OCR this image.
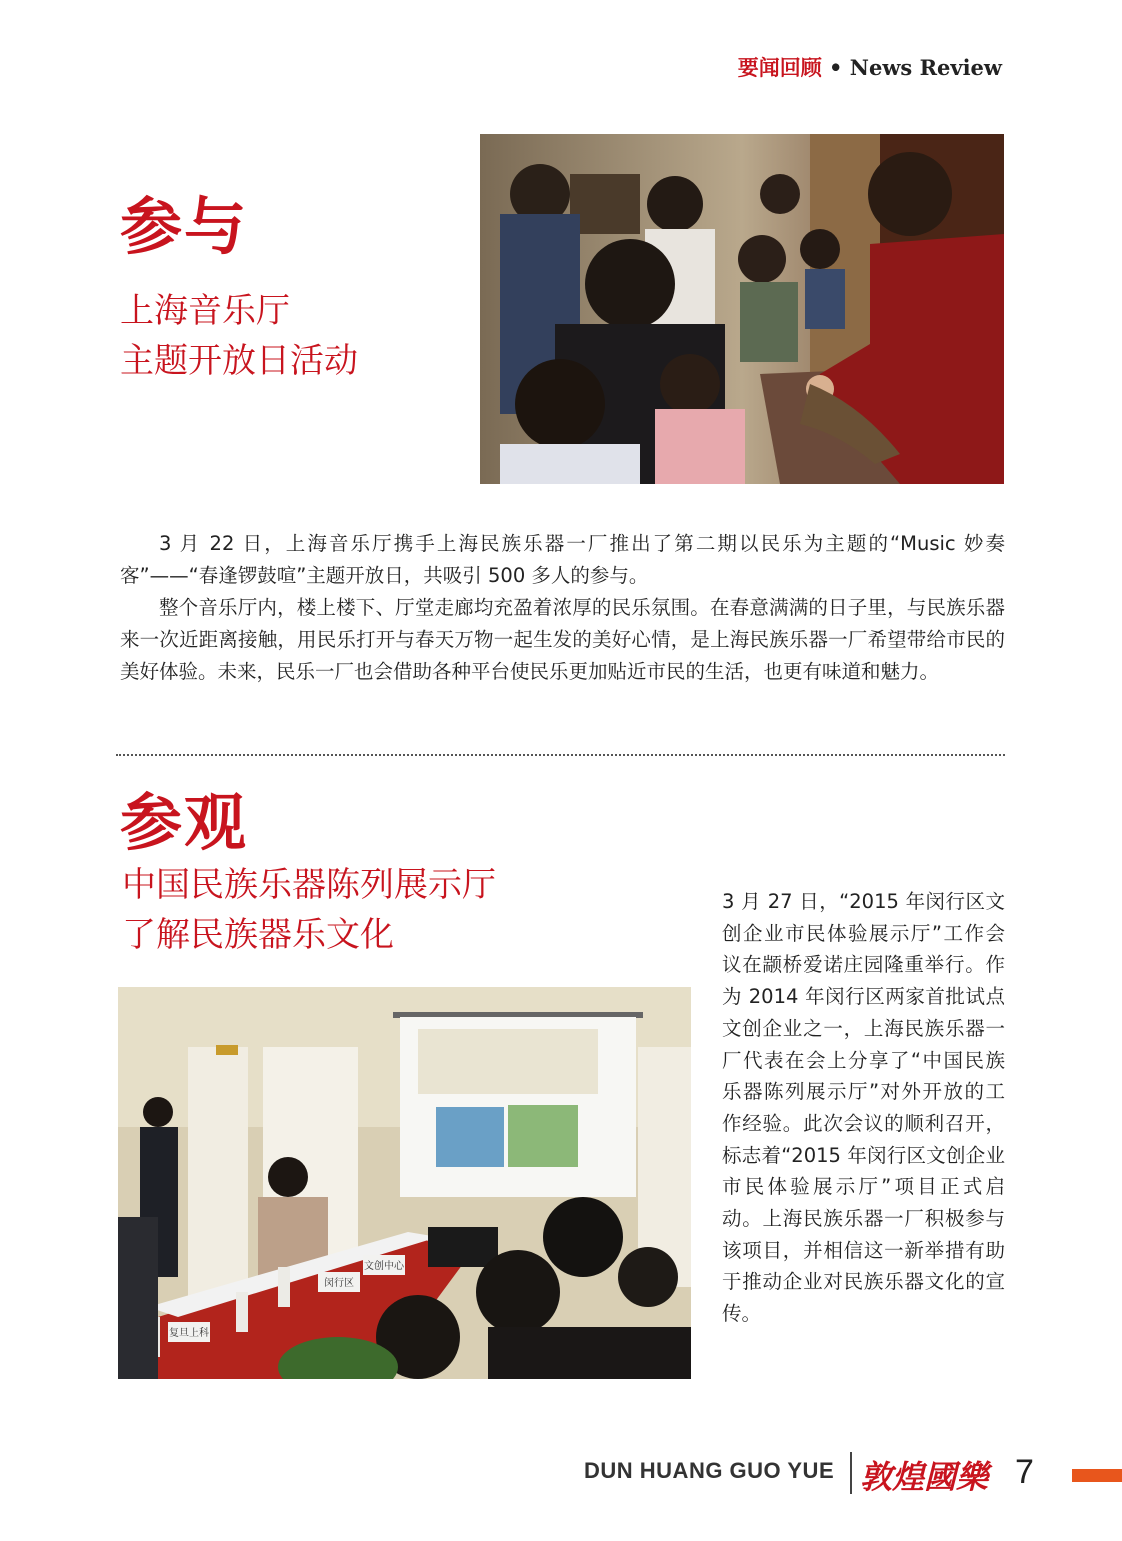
要闻回顾 • News Review
参与
上海音乐厅
主题开放日活动

3 月 22 日，上海音乐厅携手上海民族乐器一厂推出了第二期以民乐为主题的“Music 妙奏客”——“春逢锣鼓喧”主题开放日，共吸引 500 多人的参与。

整个音乐厅内，楼上楼下、厅堂走廊均充盈着浓厚的民乐氛围。在春意满满的日子里，与民族乐器来一次近距离接触，用民乐打开与春天万物一起生发的美好心情，是上海民族乐器一厂希望带给市民的美好体验。未来，民乐一厂也会借助各种平台使民乐更加贴近市民的生活，也更有味道和魅力。

参观
中国民族乐器陈列展示厅
了解民族器乐文化
复旦上科
闵行区
文创中心
3 月 27 日，“2015 年闵行区文创企业市民体验展示厅”工作会议在颛桥爱诺庄园隆重举行。作为 2014 年闵行区两家首批试点文创企业之一，上海民族乐器一厂代表在会上分享了“中国民族乐器陈列展示厅”对外开放的工作经验。此次会议的顺利召开，标志着“2015 年闵行区文创企业市民体验展示厅”项目正式启动。上海民族乐器一厂积极参与该项目，并相信这一新举措有助于推动企业对民族乐器文化的宣传。
DUN HUANG GUO YUE 敦煌國樂 7
